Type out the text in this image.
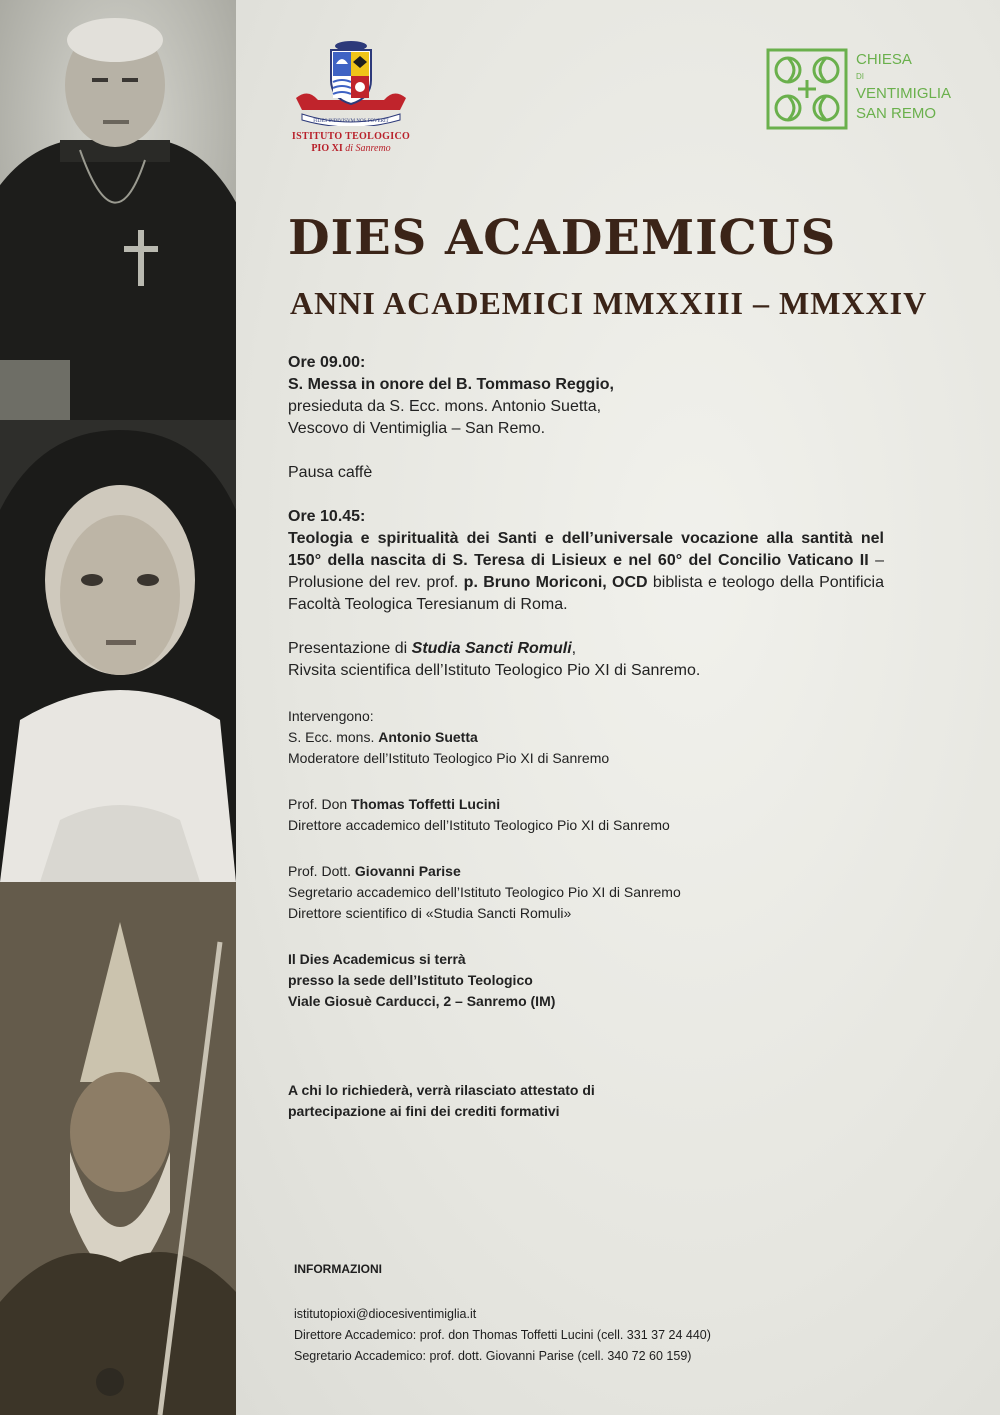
FIDES INDIVISVM NOS FOVERIT
ISTITUTO TEOLOGICO
PIO XI di Sanremo
CHIESA

DI
VENTIMIGLIA
SAN REMO
DIES ACADEMICUS
ANNI ACADEMICI MMXXIII – MMXXIV

Ore 09.00:

S. Messa in onore del B. Tommaso Reggio,

presieduta da S. Ecc. mons. Antonio Suetta,

Vescovo di Ventimiglia – San Remo.

Pausa caffè

Ore 10.45:

Teologia e spiritualità dei Santi e dell’universale vocazione alla santità nel 150° della nascita di S. Teresa di Lisieux e nel 60° del Concilio Vaticano II – Prolusione del rev. prof. p. Bruno Moriconi, OCD biblista e teologo della Pontificia Facoltà Teologica Teresianum di Roma.

Presentazione di Studia Sancti Romuli,

Rivsita scientifica dell’Istituto Teologico Pio XI di Sanremo.

Intervengono:

S. Ecc. mons. Antonio Suetta

Moderatore dell’Istituto Teologico Pio XI di Sanremo

Prof. Don Thomas Toffetti Lucini

Direttore accademico dell’Istituto Teologico Pio XI di Sanremo

Prof. Dott. Giovanni Parise

Segretario accademico dell’Istituto Teologico Pio XI di Sanremo

Direttore scientifico di «Studia Sancti Romuli»

Il Dies Academicus si terrà

presso la sede dell’Istituto Teologico

Viale Giosuè Carducci, 2 – Sanremo (IM)

A chi lo richiederà, verrà rilasciato attestato di

partecipazione ai fini dei crediti formativi

INFORMAZIONI

istitutopioxi@diocesiventimiglia.it

Direttore Accademico: prof. don Thomas Toffetti Lucini (cell. 331 37 24 440)

Segretario Accademico: prof. dott. Giovanni Parise (cell. 340 72 60 159)
